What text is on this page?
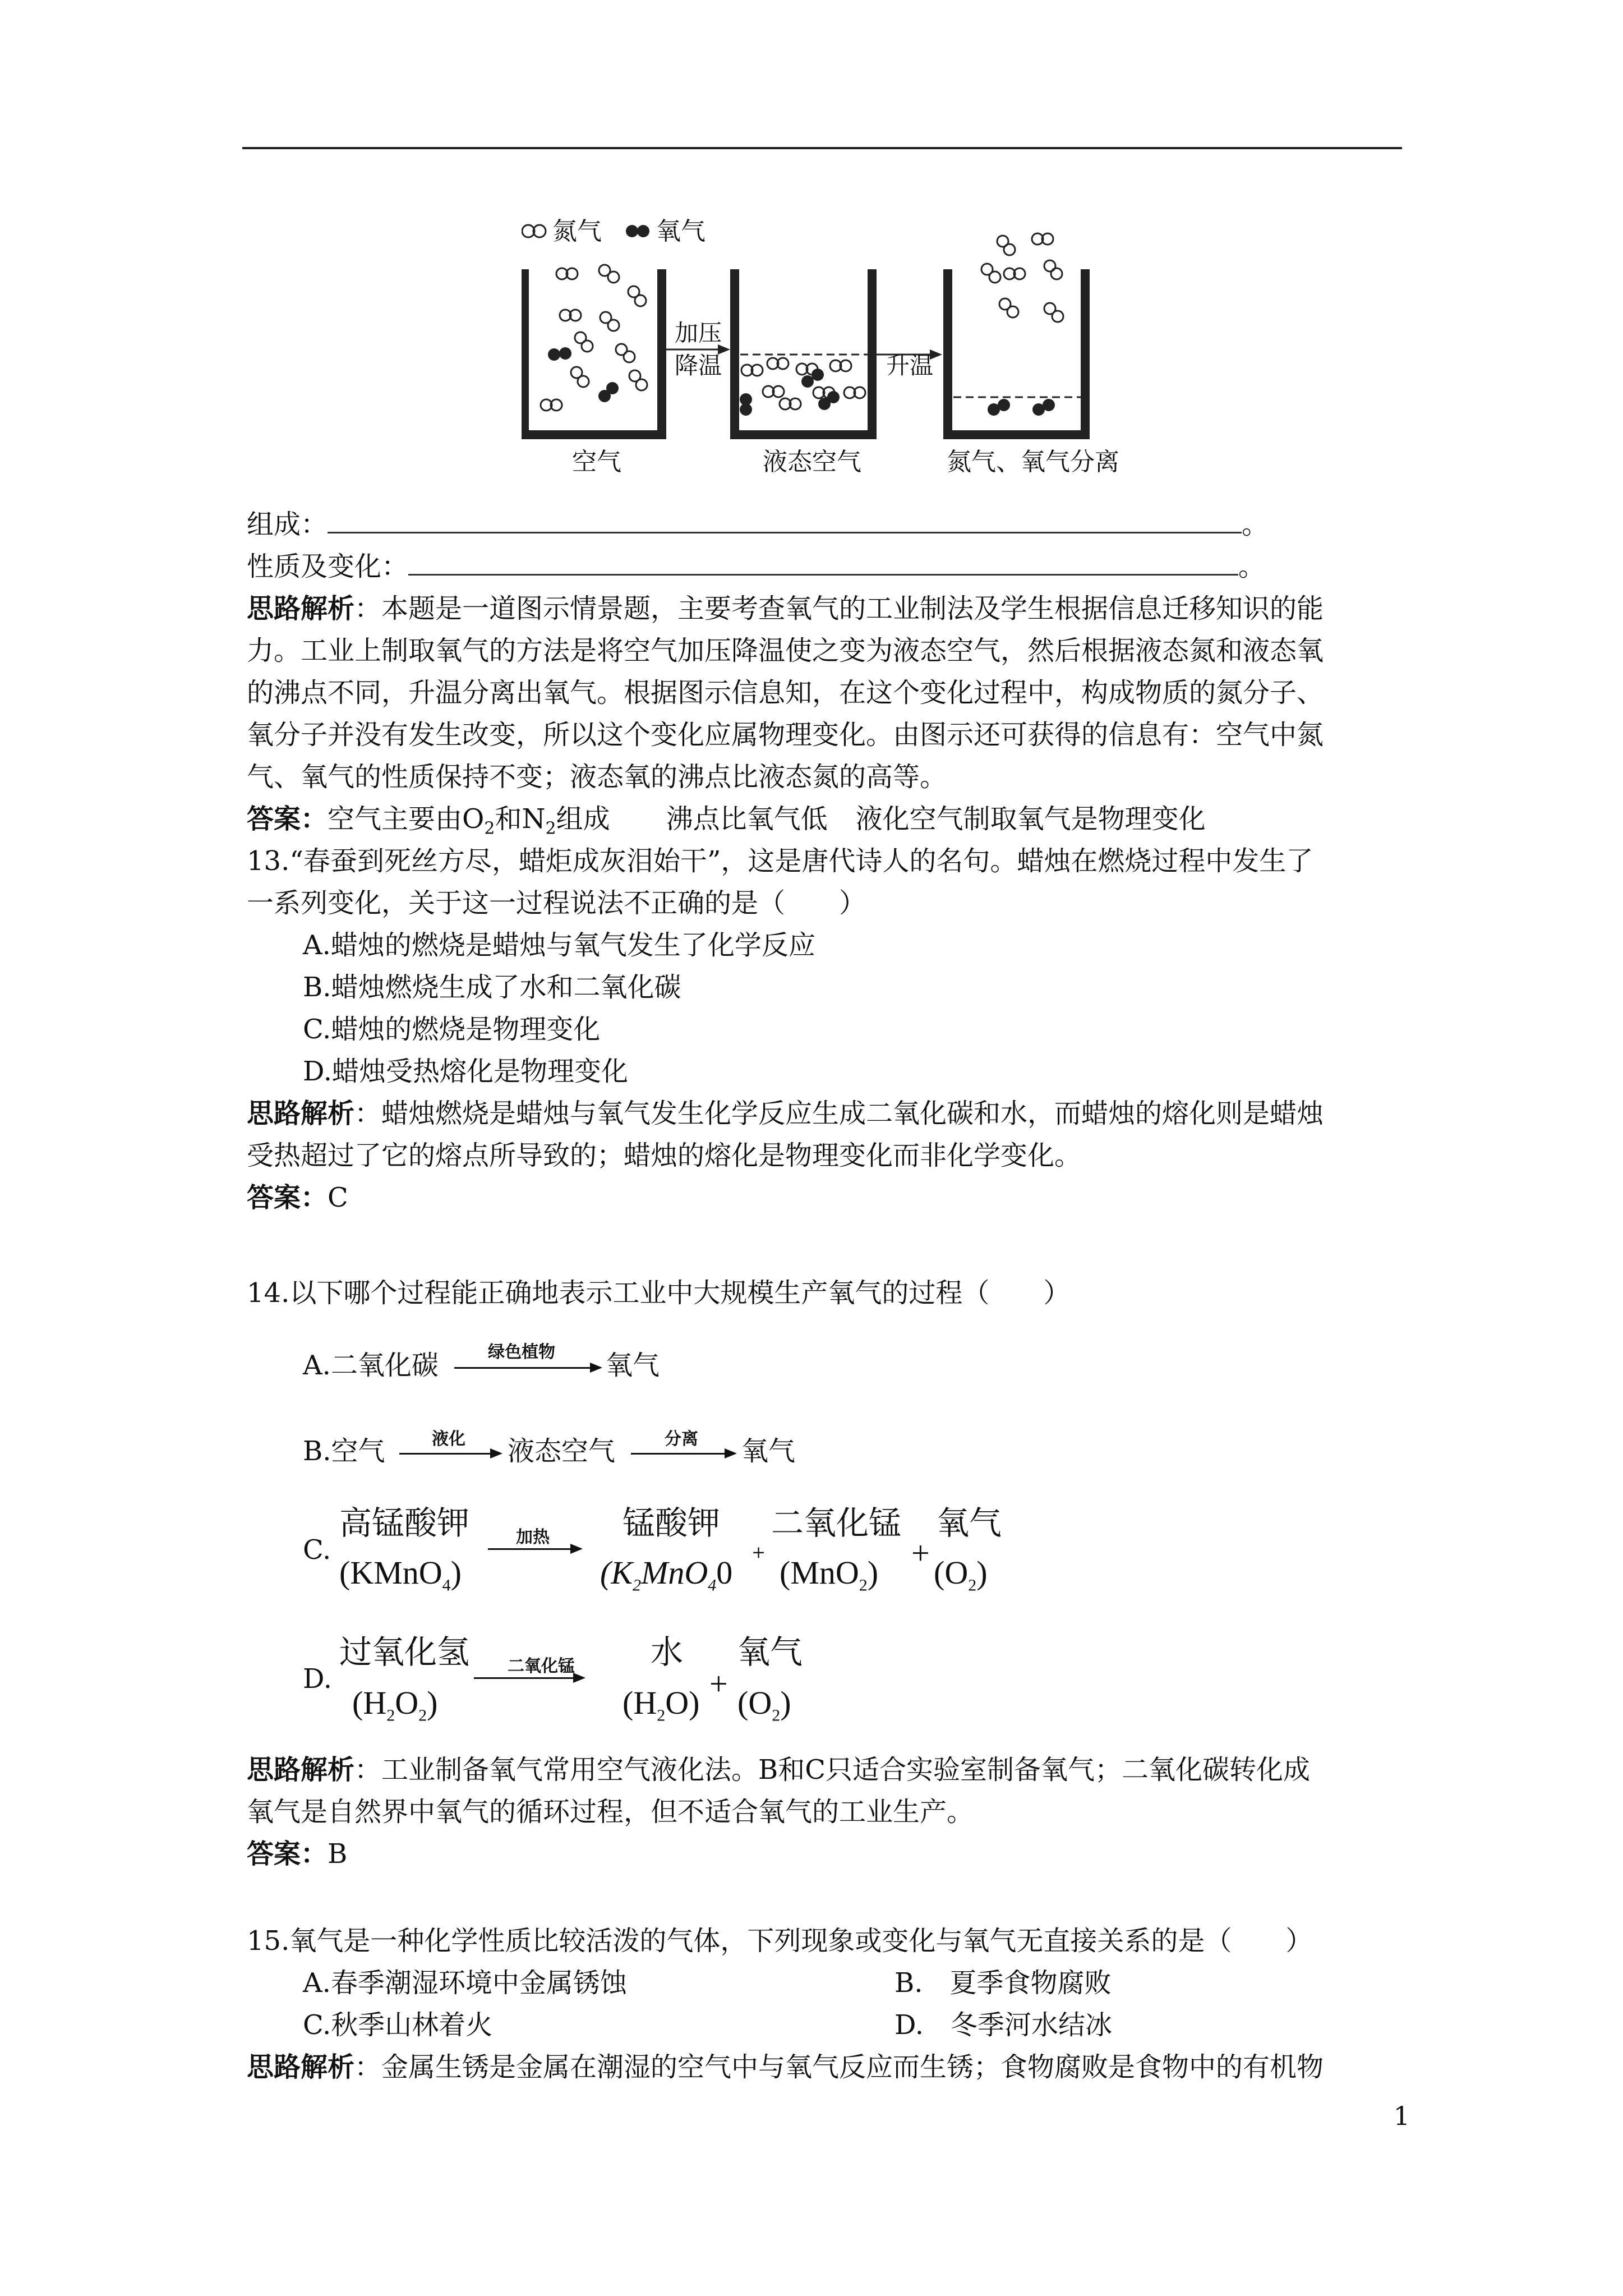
氮气 氧气
空气
加压
降温
液态空气
升温
氮气、氧气分离
组成：	。
性质及变化：	。
思路解析：本题是一道图示情景题，主要考查氧气的工业制法及学生根据信息迁移知识的能
力。工业上制取氧气的方法是将空气加压降温使之变为液态空气，然后根据液态氮和液态氧
的沸点不同，升温分离出氧气。根据图示信息知，在这个变化过程中，构成物质的氮分子、
氧分子并没有发生改变，所以这个变化应属物理变化。由图示还可获得的信息有：空气中氮
气、氧气的性质保持不变；液态氧的沸点比液态氮的高等。
答案：空气主要由$O_2$和$N_2$组成 沸点比氧气低 液化空气制取氧气是物理变化
13.“春蚕到死丝方尽，蜡炬成灰泪始干”，这是唐代诗人的名句。蜡烛在燃烧过程中发生了
一系列变化，关于这一过程说法不正确的是（　　）
A.蜡烛的燃烧是蜡烛与氧气发生了化学反应
B.蜡烛燃烧生成了水和二氧化碳
C.蜡烛的燃烧是物理变化
D.蜡烛受热熔化是物理变化
思路解析：蜡烛燃烧是蜡烛与氧气发生化学反应生成二氧化碳和水，而蜡烛的熔化则是蜡烛
受热超过了它的熔点所导致的；蜡烛的熔化是物理变化而非化学变化。
答案：C
14.以下哪个过程能正确地表示工业中大规模生产氧气的过程（　　）
A.二氧化碳	绿色植物 氧气
B.空气	液化 液态空气	分离 氧气
C.
高锰酸钾
(KMnO$_4$)
加热 锰酸钾
($K_2MnO_40$
+
二氧化锰
(MnO$_2$)
+
氧气
$(O_2)$
D.
过氧化氢
$(H_2O_2)$
二氧化锰 水
$(H_2O)$
+
氧气
$(O_2)$
思路解析：工业制备氧气常用空气液化法。B和C只适合实验室制备氧气；二氧化碳转化成
氧气是自然界中氧气的循环过程，但不适合氧气的工业生产。
答案：B
15.氧气是一种化学性质比较活泼的气体，下列现象或变化与氧气无直接关系的是（　　）
A.春季潮湿环境中金属锈蚀	B.　夏季食物腐败
C.秋季山林着火	D.　冬季河水结冰
思路解析：金属生锈是金属在潮湿的空气中与氧气反应而生锈；食物腐败是食物中的有机物
1
